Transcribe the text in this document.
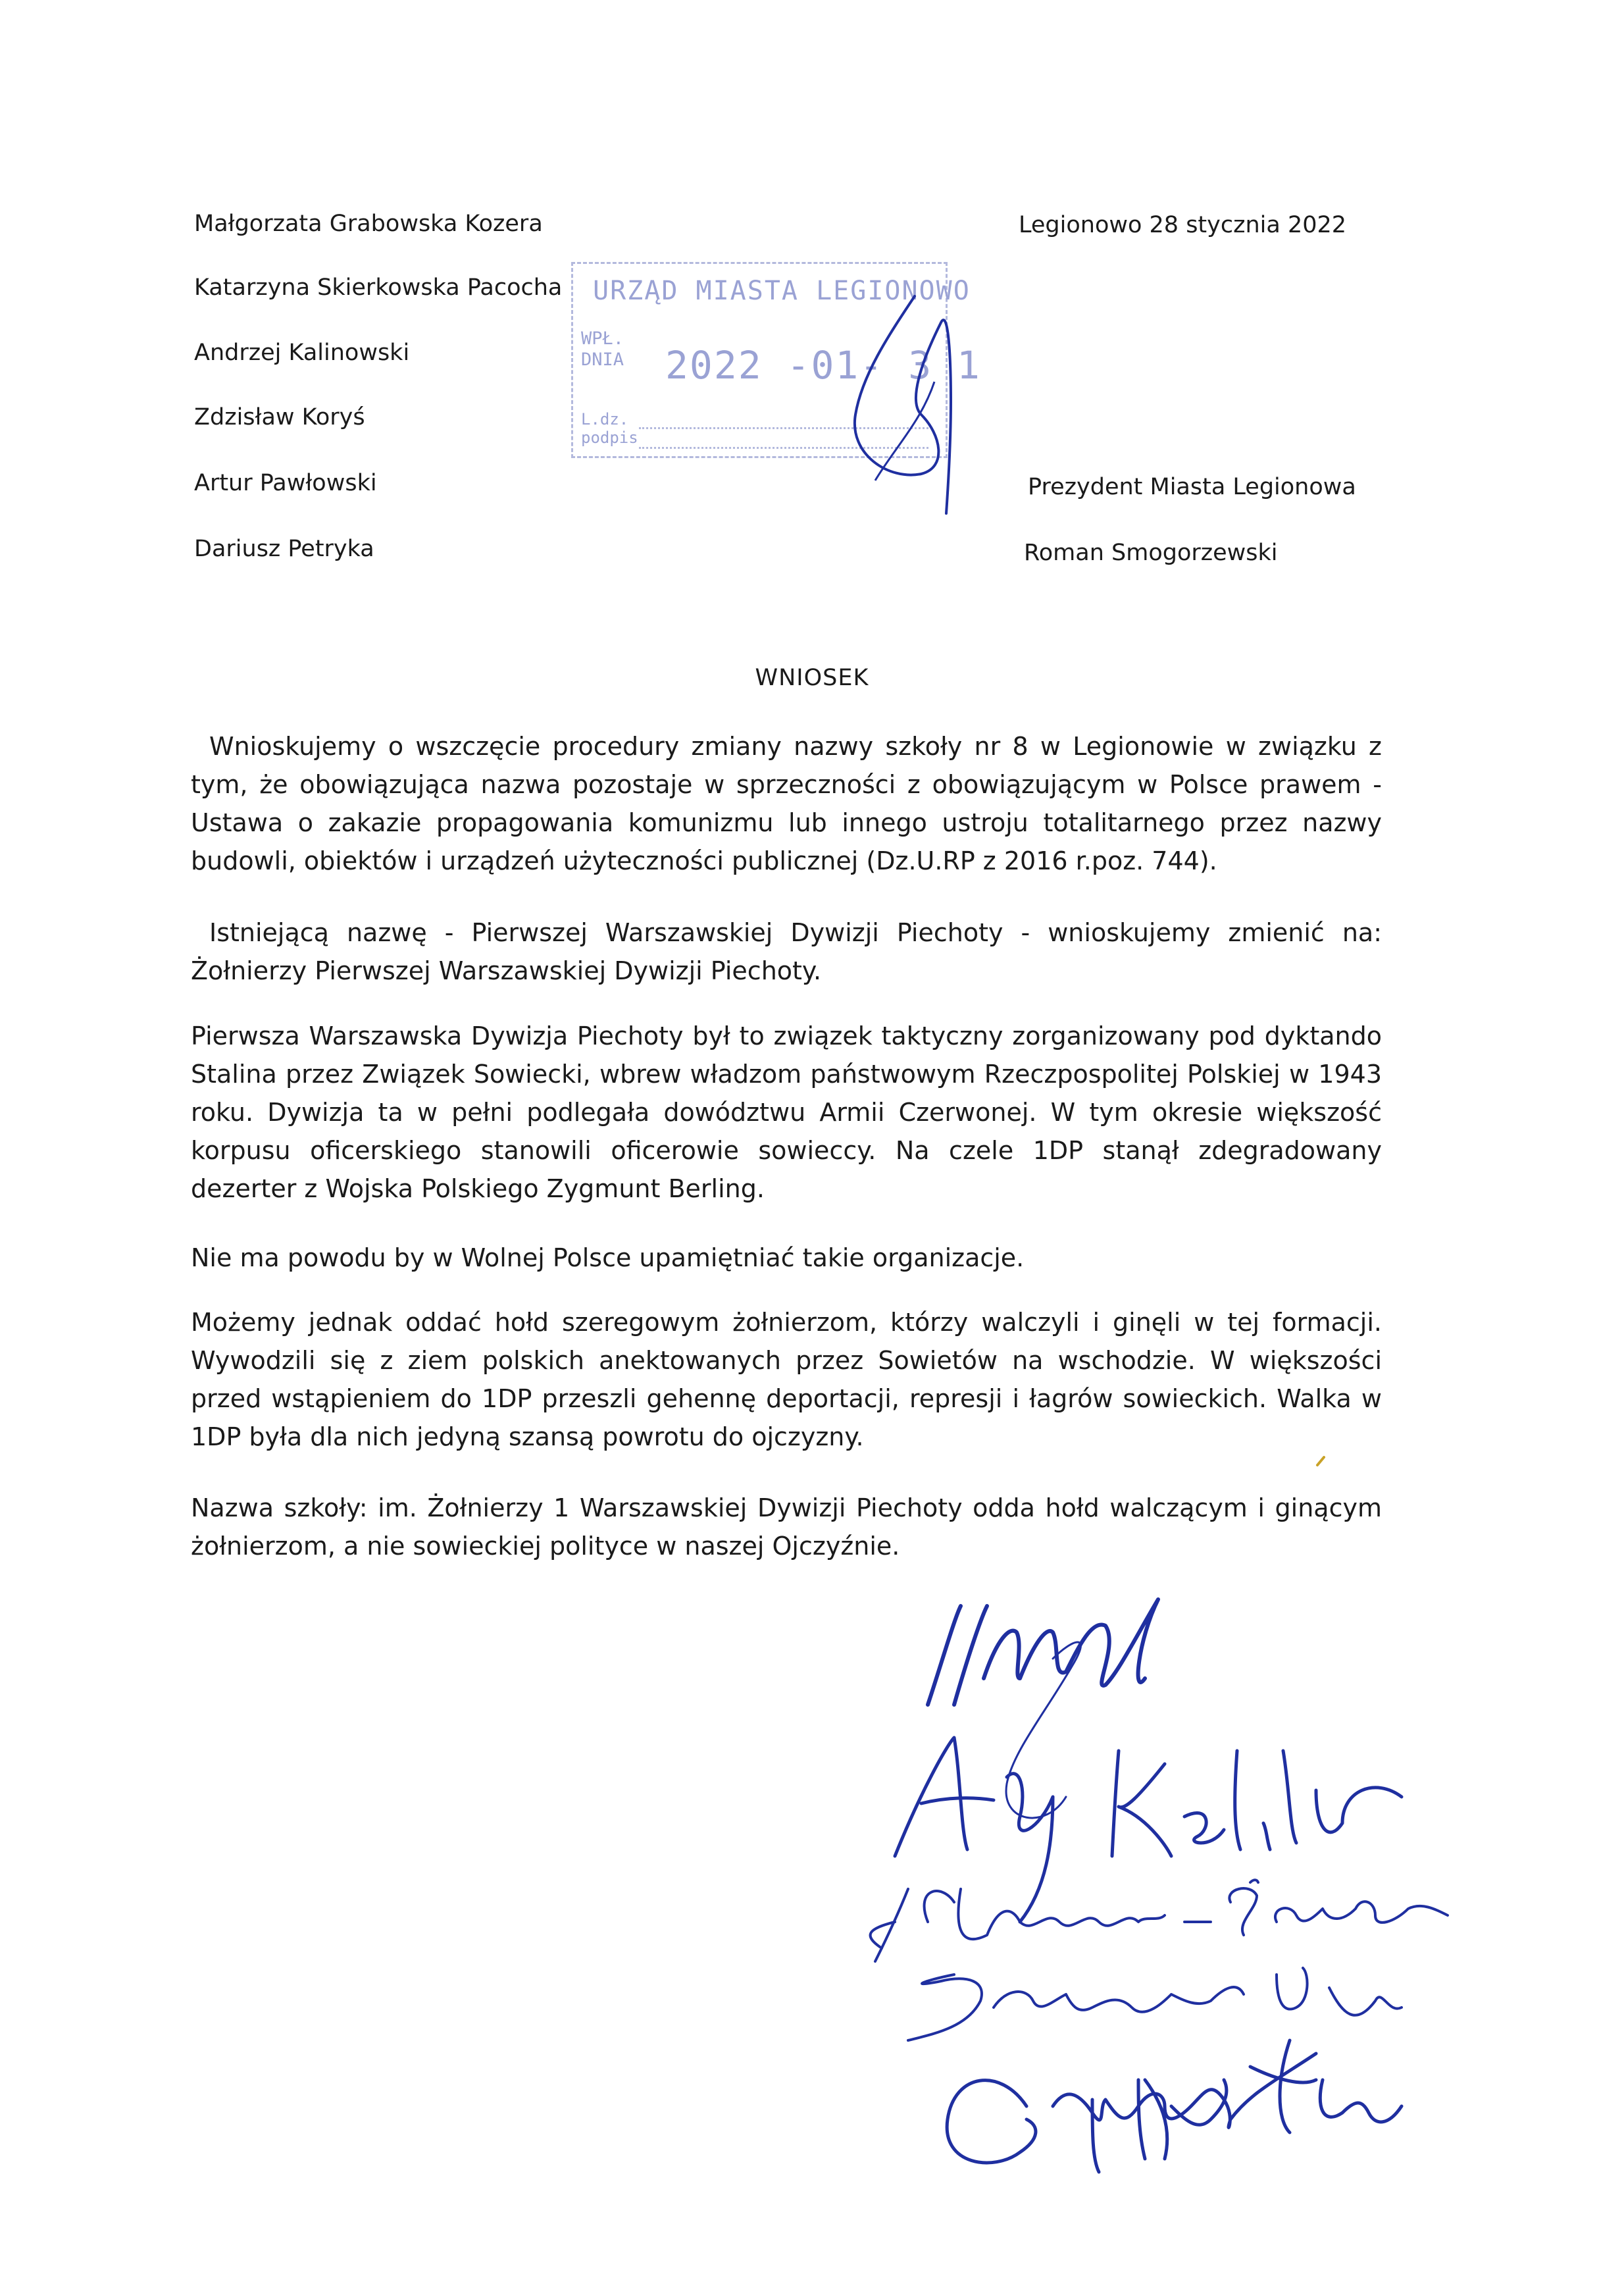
Małgorzata Grabowska Kozera
Katarzyna Skierkowska Pacocha
Andrzej Kalinowski
Zdzisław Koryś
Artur Pawłowski
Dariusz Petryka
Legionowo 28 stycznia 2022
Prezydent Miasta Legionowa
Roman Smogorzewski
URZĄD MIASTA LEGIONOWO
WPŁ.
DNIA 2022 -01- 3 1
L.dz.
podpis
WNIOSEK
Wnioskujemy o wszczęcie procedury zmiany nazwy szkoły nr 8 w Legionowie w związku z tym, że obowiązująca nazwa pozostaje w sprzeczności z obowiązującym w Polsce prawem - Ustawa o zakazie propagowania komunizmu lub innego ustroju totalitarnego przez nazwy budowli, obiektów i urządzeń użyteczności publicznej (Dz.U.RP z 2016 r.poz. 744).
Istniejącą nazwę - Pierwszej Warszawskiej Dywizji Piechoty - wnioskujemy zmienić na: Żołnierzy Pierwszej Warszawskiej Dywizji Piechoty.
Pierwsza Warszawska Dywizja Piechoty był to związek taktyczny zorganizowany pod dyktando Stalina przez Związek Sowiecki, wbrew władzom państwowym Rzeczpospolitej Polskiej w 1943 roku. Dywizja ta w pełni podlegała dowództwu Armii Czerwonej. W tym okresie większość korpusu oficerskiego stanowili oficerowie sowieccy. Na czele 1DP stanął zdegradowany dezerter z Wojska Polskiego Zygmunt Berling.
Nie ma powodu by w Wolnej Polsce upamiętniać takie organizacje.
Możemy jednak oddać hołd szeregowym żołnierzom, którzy walczyli i ginęli w tej formacji. Wywodzili się z ziem polskich anektowanych przez Sowietów na wschodzie. W większości przed wstąpieniem do 1DP przeszli gehennę deportacji, represji i łagrów sowieckich. Walka w 1DP była dla nich jedyną szansą powrotu do ojczyzny.
Nazwa szkoły: im. Żołnierzy 1 Warszawskiej Dywizji Piechoty odda hołd walczącym i ginącym żołnierzom, a nie sowieckiej polityce w naszej Ojczyźnie.
